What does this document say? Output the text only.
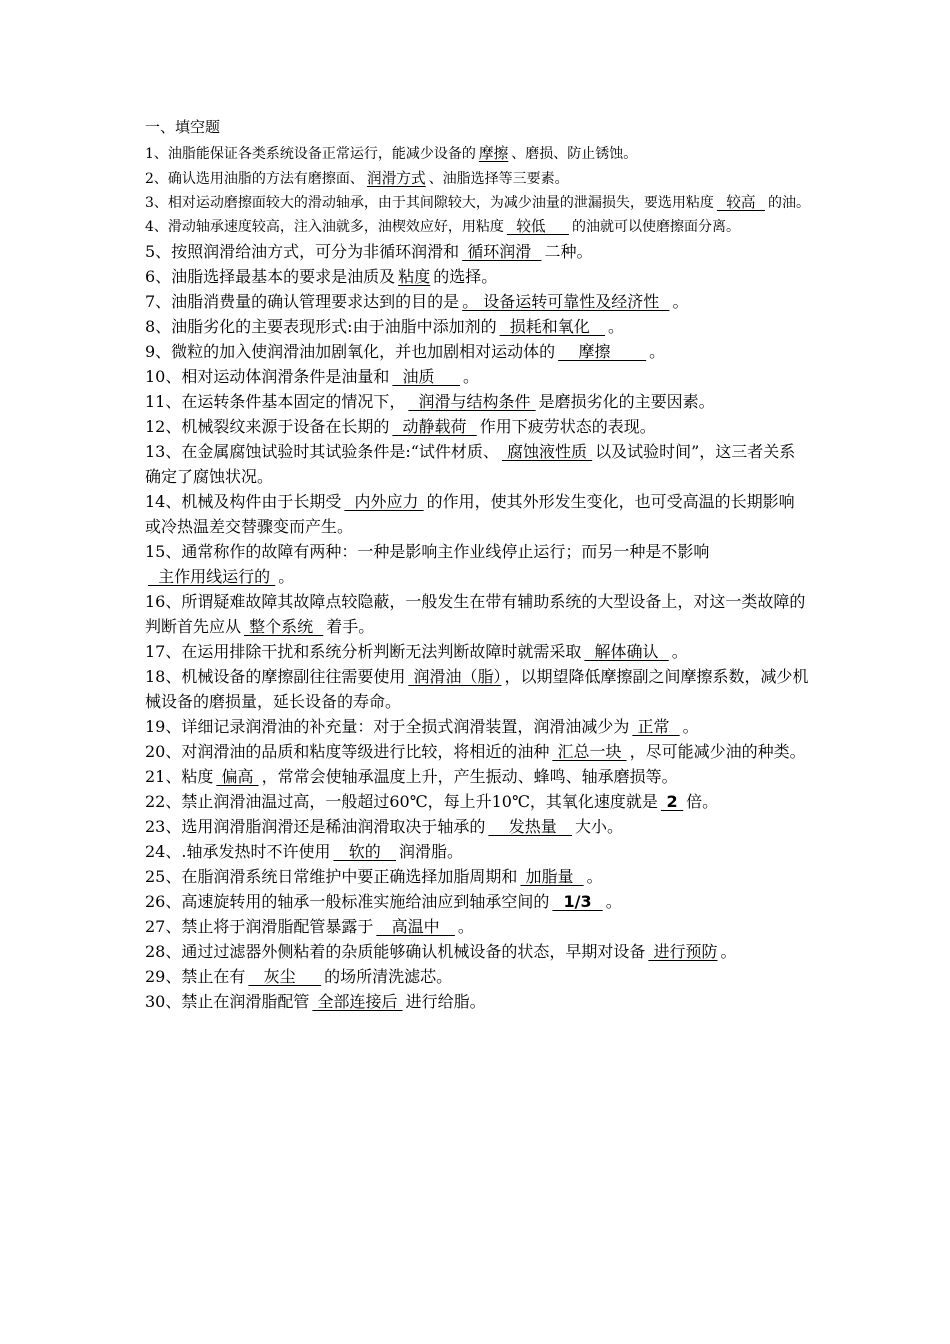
一、填空题

1、油脂能保证各类系统设备正常运行，能减少设备的 摩擦 、磨损、防止锈蚀。

2、确认选用油脂的方法有磨擦面、 润滑方式 、油脂选择等三要素。

3、相对运动磨擦面较大的滑动轴承，由于其间隙较大，为减少油量的泄漏损失，要选用粘度  较高  的油。

4、滑动轴承速度较高，注入油就多，油楔效应好，用粘度  较低     的油就可以使磨擦面分离。

5、按照润滑给油方式，可分为非循环润滑和 循环润滑  二种。

6、油脂选择最基本的要求是油质及 粘度 的选择。

7、油脂消费量的确认管理要求达到的目的是 。 设备运转可靠性及经济性  。

8、油脂劣化的主要表现形式:由于油脂中添加剂的  损耗和氧化   。

9、微粒的加入使润滑油加剧氧化，并也加剧相对运动体的    摩擦       。

10、相对运动体润滑条件是油量和  油质     。

11、在运转条件基本固定的情况下，  润滑与结构条件 是磨损劣化的主要因素。

12、机械裂纹来源于设备在长期的  动静载荷  作用下疲劳状态的表现。

13、在金属腐蚀试验时其试验条件是:“试件材质、 腐蚀液性质 以及试验时间”，这三者关系确定了腐蚀状况。

14、机械及构件由于长期受  内外应力 的作用，使其外形发生变化，也可受高温的长期影响或冷热温差交替骤变而产生。

15、通常称作的故障有两种：一种是影响主作业线停止运行；而另一种是不影响  主作用线运行的 。

16、所谓疑难故障其故障点较隐蔽，一般发生在带有辅助系统的大型设备上，对这一类故障的判断首先应从 整个系统  着手。

17、在运用排除干扰和系统分析判断无法判断故障时就需采取  解体确认  。

18、机械设备的摩擦副往往需要使用 润滑油（脂） ，以期望降低摩擦副之间摩擦系数，减少机械设备的磨损量，延长设备的寿命。

19、详细记录润滑油的补充量：对于全损式润滑装置，润滑油减少为 正常  。

20、对润滑油的品质和粘度等级进行比较，将相近的油种 汇总一块 ，尽可能减少油的种类。

21、粘度 偏高 ，常常会使轴承温度上升，产生振动、蜂鸣、轴承磨损等。

22、禁止润滑油温过高，一般超过60℃，每上升10℃，其氧化速度就是 2 倍。

23、选用润滑脂润滑还是稀油润滑取决于轴承的    发热量   大小。

24、.轴承发热时不许使用   软的   润滑脂。

25、在脂润滑系统日常维护中要正确选择加脂周期和 加脂量  。

26、高速旋转用的轴承一般标准实施给油应到轴承空间的  1/3  。

27、禁止将于润滑脂配管暴露于   高温中   。

28、通过过滤器外侧粘着的杂质能够确认机械设备的状态，早期对设备 进行预防 。

29、禁止在有   灰尘     的场所清洗滤芯。

30、禁止在润滑脂配管 全部连接后 进行给脂。
